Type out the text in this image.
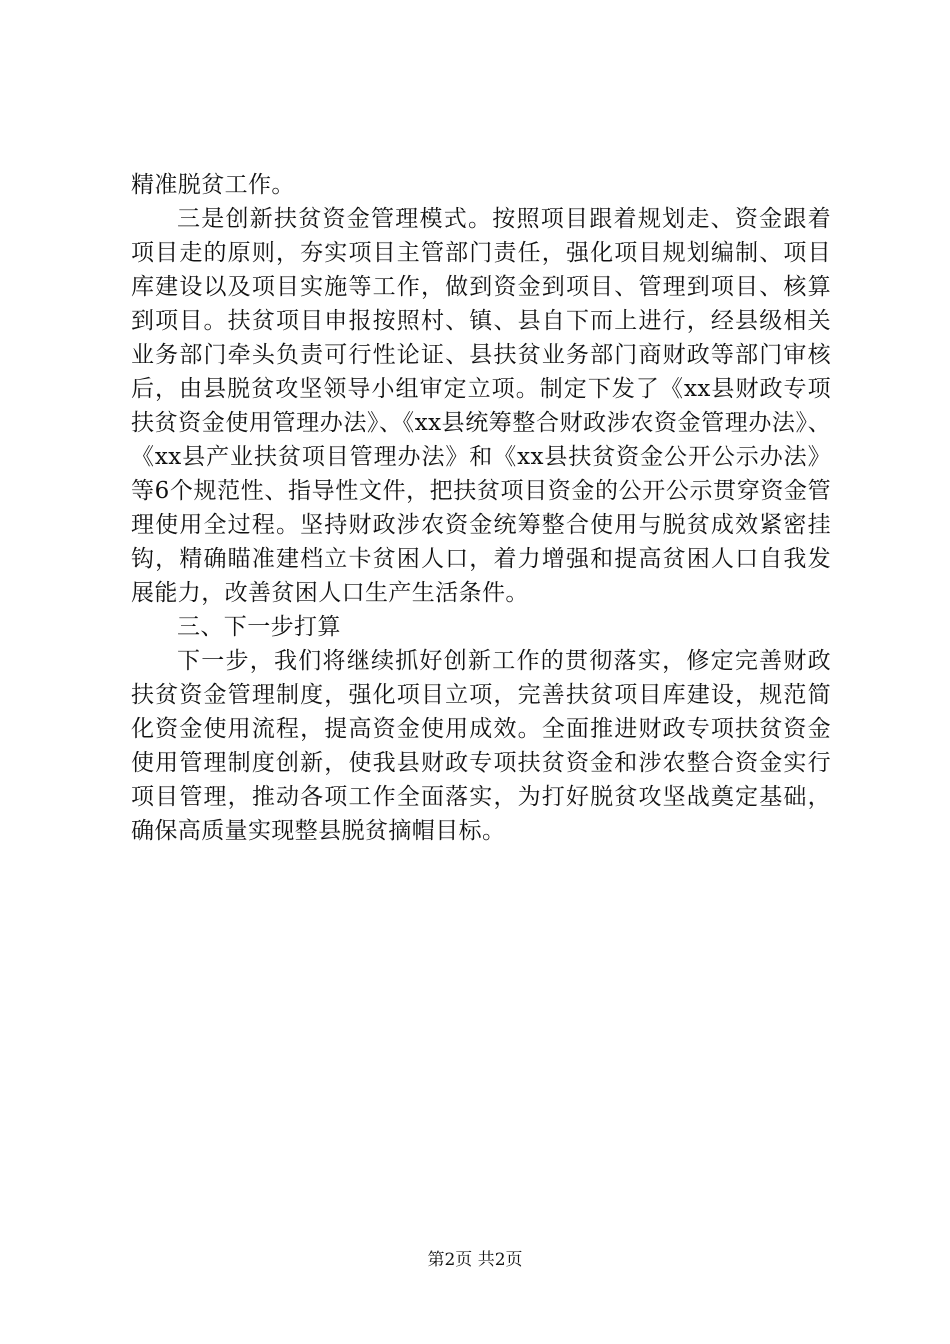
精准脱贫工作。

三是创新扶贫资金管理模式。按照项目跟着规划走、资金跟着项目走的原则，夯实项目主管部门责任，强化项目规划编制、项目库建设以及项目实施等工作，做到资金到项目、管理到项目、核算到项目。扶贫项目申报按照村、镇、县自下而上进行，经县级相关业务部门牵头负责可行性论证、县扶贫业务部门商财政等部门审核后，由县脱贫攻坚领导小组审定立项。制定下发了《xx县财政专项扶贫资金使用管理办法》、《xx县统筹整合财政涉农资金管理办法》、《xx县产业扶贫项目管理办法》和《xx县扶贫资金公开公示办法》等6个规范性、指导性文件，把扶贫项目资金的公开公示贯穿资金管理使用全过程。坚持财政涉农资金统筹整合使用与脱贫成效紧密挂钩，精确瞄准建档立卡贫困人口，着力增强和提高贫困人口自我发展能力，改善贫困人口生产生活条件。

三、下一步打算

下一步，我们将继续抓好创新工作的贯彻落实，修定完善财政扶贫资金管理制度，强化项目立项，完善扶贫项目库建设，规范简化资金使用流程，提高资金使用成效。全面推进财政专项扶贫资金使用管理制度创新，使我县财政专项扶贫资金和涉农整合资金实行项目管理，推动各项工作全面落实，为打好脱贫攻坚战奠定基础，确保高质量实现整县脱贫摘帽目标。

第2页 共2页
